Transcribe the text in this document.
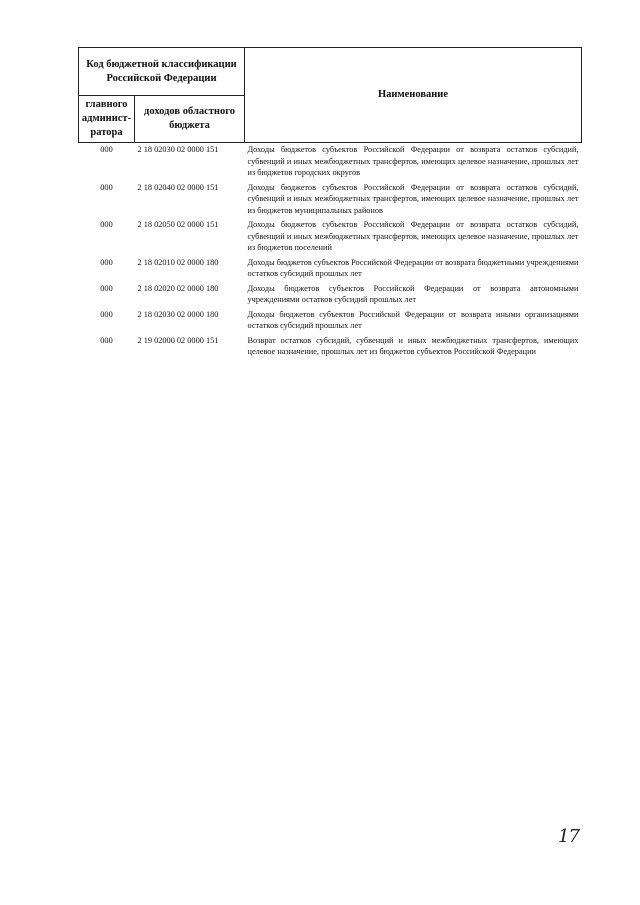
Код бюджетной классификации Российской Федерации		Наименование
главного админист-ратора	доходов областного бюджета	
000	2 18 02030 02 0000 151	Доходы бюджетов субъектов Российской Федерации от возврата остатков субсидий, субвенций и иных межбюджетных трансфертов, имеющих целевое назначение, прошлых лет из бюджетов городских округов
000	2 18 02040 02 0000 151	Доходы бюджетов субъектов Российской Федерации от возврата остатков субсидий, субвенций и иных межбюджетных трансфертов, имеющих целевое назначение, прошлых лет из бюджетов муниципальных районов
000	2 18 02050 02 0000 151	Доходы бюджетов субъектов Российской Федерации от возврата остатков субсидий, субвенций и иных межбюджетных трансфертов, имеющих целевое назначение, прошлых лет из бюджетов поселений
000	2 18 02010 02 0000 180	Доходы бюджетов субъектов Российской Федерации от возврата бюджетными учреждениями остатков субсидий прошлых лет
000	2 18 02020 02 0000 180	Доходы бюджетов субъектов Российской Федерации от возврата автономными учреждениями остатков субсидий прошлых лет
000	2 18 02030 02 0000 180	Доходы бюджетов субъектов Российской Федерации от возврата иными организациями остатков субсидий прошлых лет
000	2 19 02000 02 0000 151	Возврат остатков субсидий, субвенций и иных межбюджетных трансфертов, имеющих целевое назначение, прошлых лет из бюджетов субъектов Российской Федерации
17
